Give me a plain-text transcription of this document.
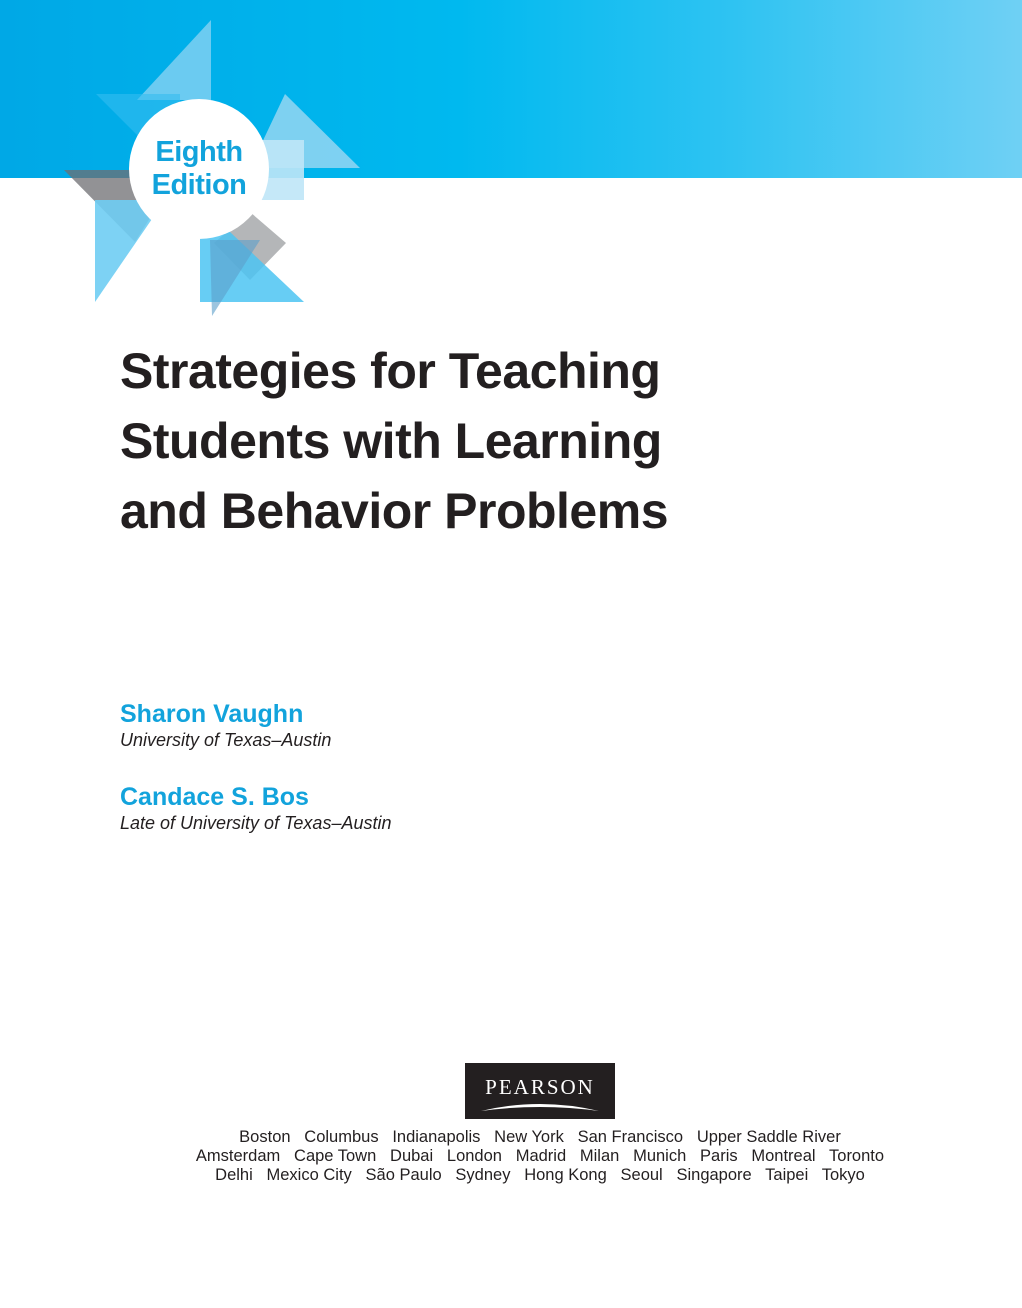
Eighth
Edition
Strategies for Teaching
Students with Learning
and Behavior Problems
Sharon Vaughn
University of Texas–Austin
Candace S. Bos
Late of University of Texas–Austin
PEARSON
Boston   Columbus   Indianapolis   New York   San Francisco   Upper Saddle River
Amsterdam   Cape Town   Dubai   London   Madrid   Milan   Munich   Paris   Montreal   Toronto
Delhi   Mexico City   São Paulo   Sydney   Hong Kong   Seoul   Singapore   Taipei   Tokyo
